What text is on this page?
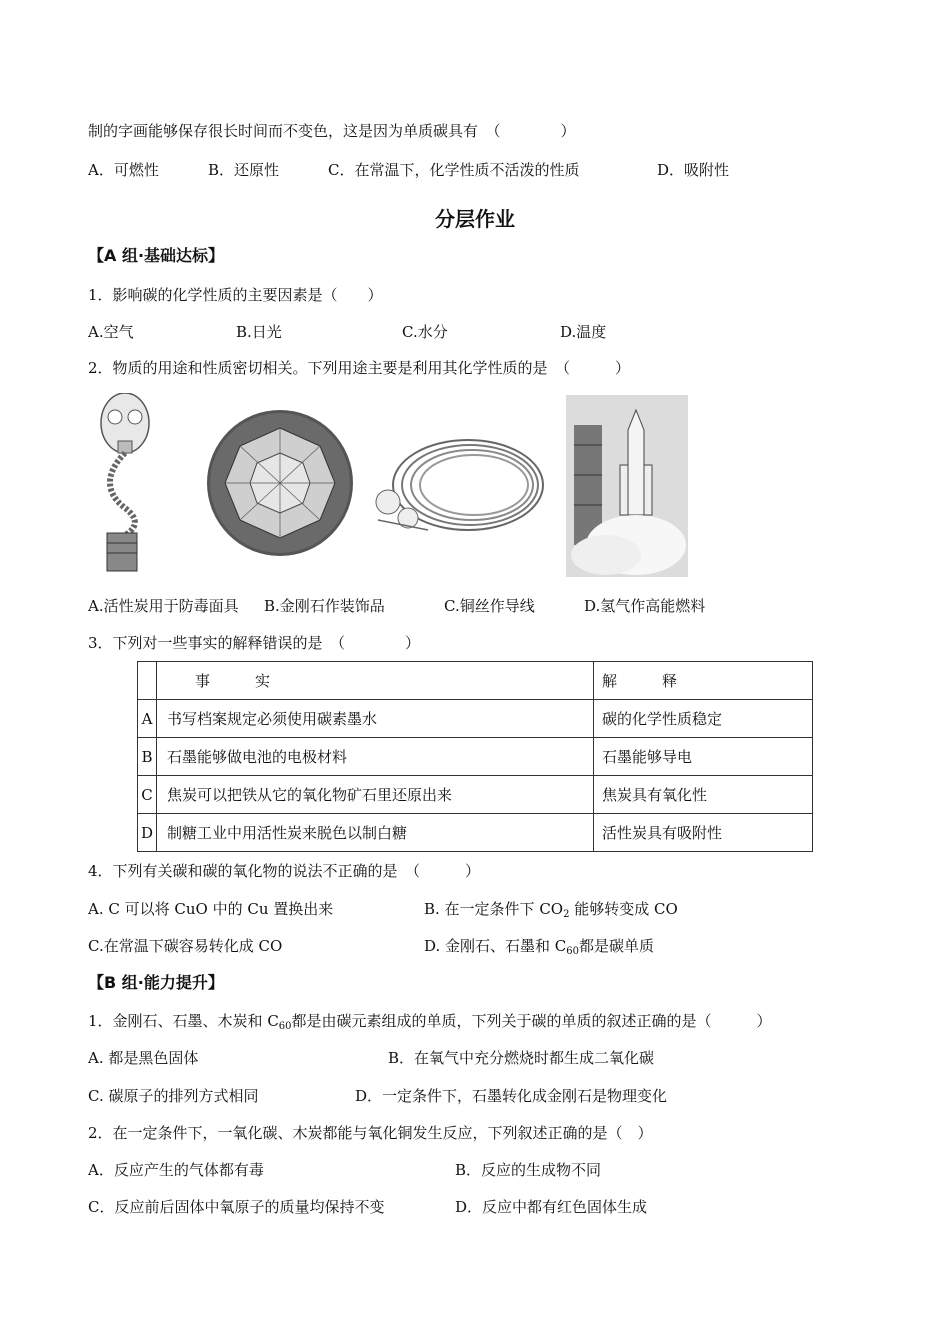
制的字画能够保存很长时间而不变色，这是因为单质碳具有　（　　　　）
A．可燃性	B．还原性	C．在常温下，化学性质不活泼的性质	D．吸附性
分层作业
【A 组·基础达标】
1．影响碳的化学性质的主要因素是（　　）
A.空气	B.日光	C.水分	D.温度
2．物质的用途和性质密切相关。下列用途主要是利用其化学性质的是　（　　　）
A.活性炭用于防毒面具 B.金刚石作装饰品	C.铜丝作导线	D.氢气作高能燃料
3．下列对一些事实的解释错误的是　（　　　　）
	事　　　实	解　　　释
A	书写档案规定必须使用碳素墨水	碳的化学性质稳定
B	石墨能够做电池的电极材料	石墨能够导电
C	焦炭可以把铁从它的氧化物矿石里还原出来	焦炭具有氧化性
D	制糖工业中用活性炭来脱色以制白糖	活性炭具有吸附性
4．下列有关碳和碳的氧化物的说法不正确的是　（　　　）
A. C 可以将 CuO 中的 Cu 置换出来	B. 在一定条件下 $CO_2$ 能够转变成 CO
C.在常温下碳容易转化成 CO	D. 金刚石、石墨和 $C_{60}$都是碳单质
【B 组·能力提升】
1．金刚石、石墨、木炭和 $C_{60}$都是由碳元素组成的单质，下列关于碳的单质的叙述正确的是（　　　）
A. 都是黑色固体	B．在氧气中充分燃烧时都生成二氧化碳
C. 碳原子的排列方式相同	D．一定条件下，石墨转化成金刚石是物理变化
2．在一定条件下，一氧化碳、木炭都能与氧化铜发生反应，下列叙述正确的是（　）
A．反应产生的气体都有毒	B．反应的生成物不同
C．反应前后固体中氧原子的质量均保持不变	D．反应中都有红色固体生成
